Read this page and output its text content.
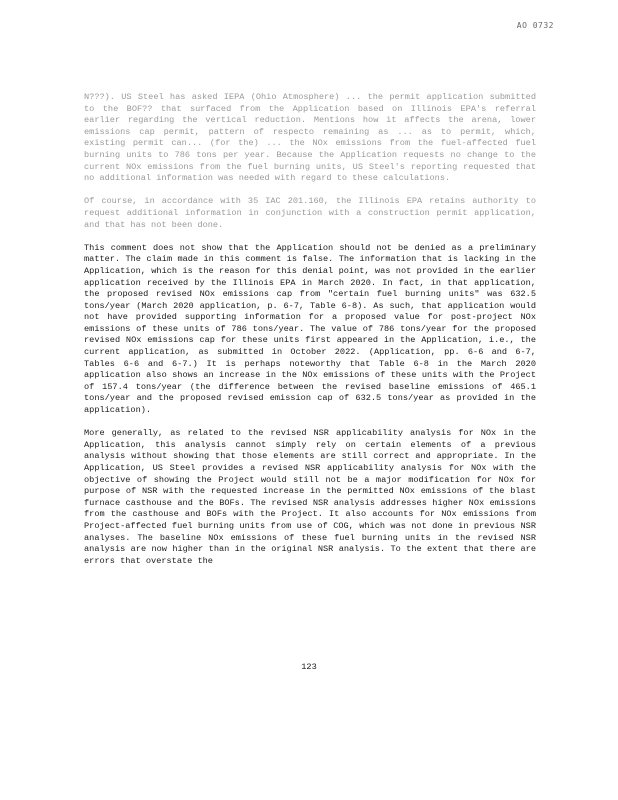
AO 0732

N???). US Steel has asked IEPA (Ohio Atmosphere) ... the permit application submitted to the BOF?? that surfaced from the Application based on Illinois EPA's referral earlier regarding the vertical reduction. Mentions how it affects the arena, lower emissions cap permit, pattern of respecto remaining as ... as to permit, which, existing permit can... (for the) ... the NOx emissions from the fuel-affected fuel burning units to 786 tons per year. Because the Application requests no change to the current NOx emissions from the fuel burning units, US Steel's reporting requested that no additional information was needed with regard to these calculations.

Of course, in accordance with 35 IAC 201.160, the Illinois EPA retains authority to request additional information in conjunction with a construction permit application, and that has not been done.

This comment does not show that the Application should not be denied as a preliminary matter. The claim made in this comment is false. The information that is lacking in the Application, which is the reason for this denial point, was not provided in the earlier application received by the Illinois EPA in March 2020. In fact, in that application, the proposed revised NOx emissions cap from "certain fuel burning units" was 632.5 tons/year (March 2020 application, p. 6-7, Table 6-8). As such, that application would not have provided supporting information for a proposed value for post-project NOx emissions of these units of 786 tons/year. The value of 786 tons/year for the proposed revised NOx emissions cap for these units first appeared in the Application, i.e., the current application, as submitted in October 2022. (Application, pp. 6-6 and 6-7, Tables 6-6 and 6-7.) It is perhaps noteworthy that Table 6-8 in the March 2020 application also shows an increase in the NOx emissions of these units with the Project of 157.4 tons/year (the difference between the revised baseline emissions of 465.1 tons/year and the proposed revised emission cap of 632.5 tons/year as provided in the application).

More generally, as related to the revised NSR applicability analysis for NOx in the Application, this analysis cannot simply rely on certain elements of a previous analysis without showing that those elements are still correct and appropriate. In the Application, US Steel provides a revised NSR applicability analysis for NOx with the objective of showing the Project would still not be a major modification for NOx for purpose of NSR with the requested increase in the permitted NOx emissions of the blast furnace casthouse and the BOFs. The revised NSR analysis addresses higher NOx emissions from the casthouse and BOFs with the Project. It also accounts for NOx emissions from Project-affected fuel burning units from use of COG, which was not done in previous NSR analyses. The baseline NOx emissions of these fuel burning units in the revised NSR analysis are now higher than in the original NSR analysis. To the extent that there are errors that overstate the

123
